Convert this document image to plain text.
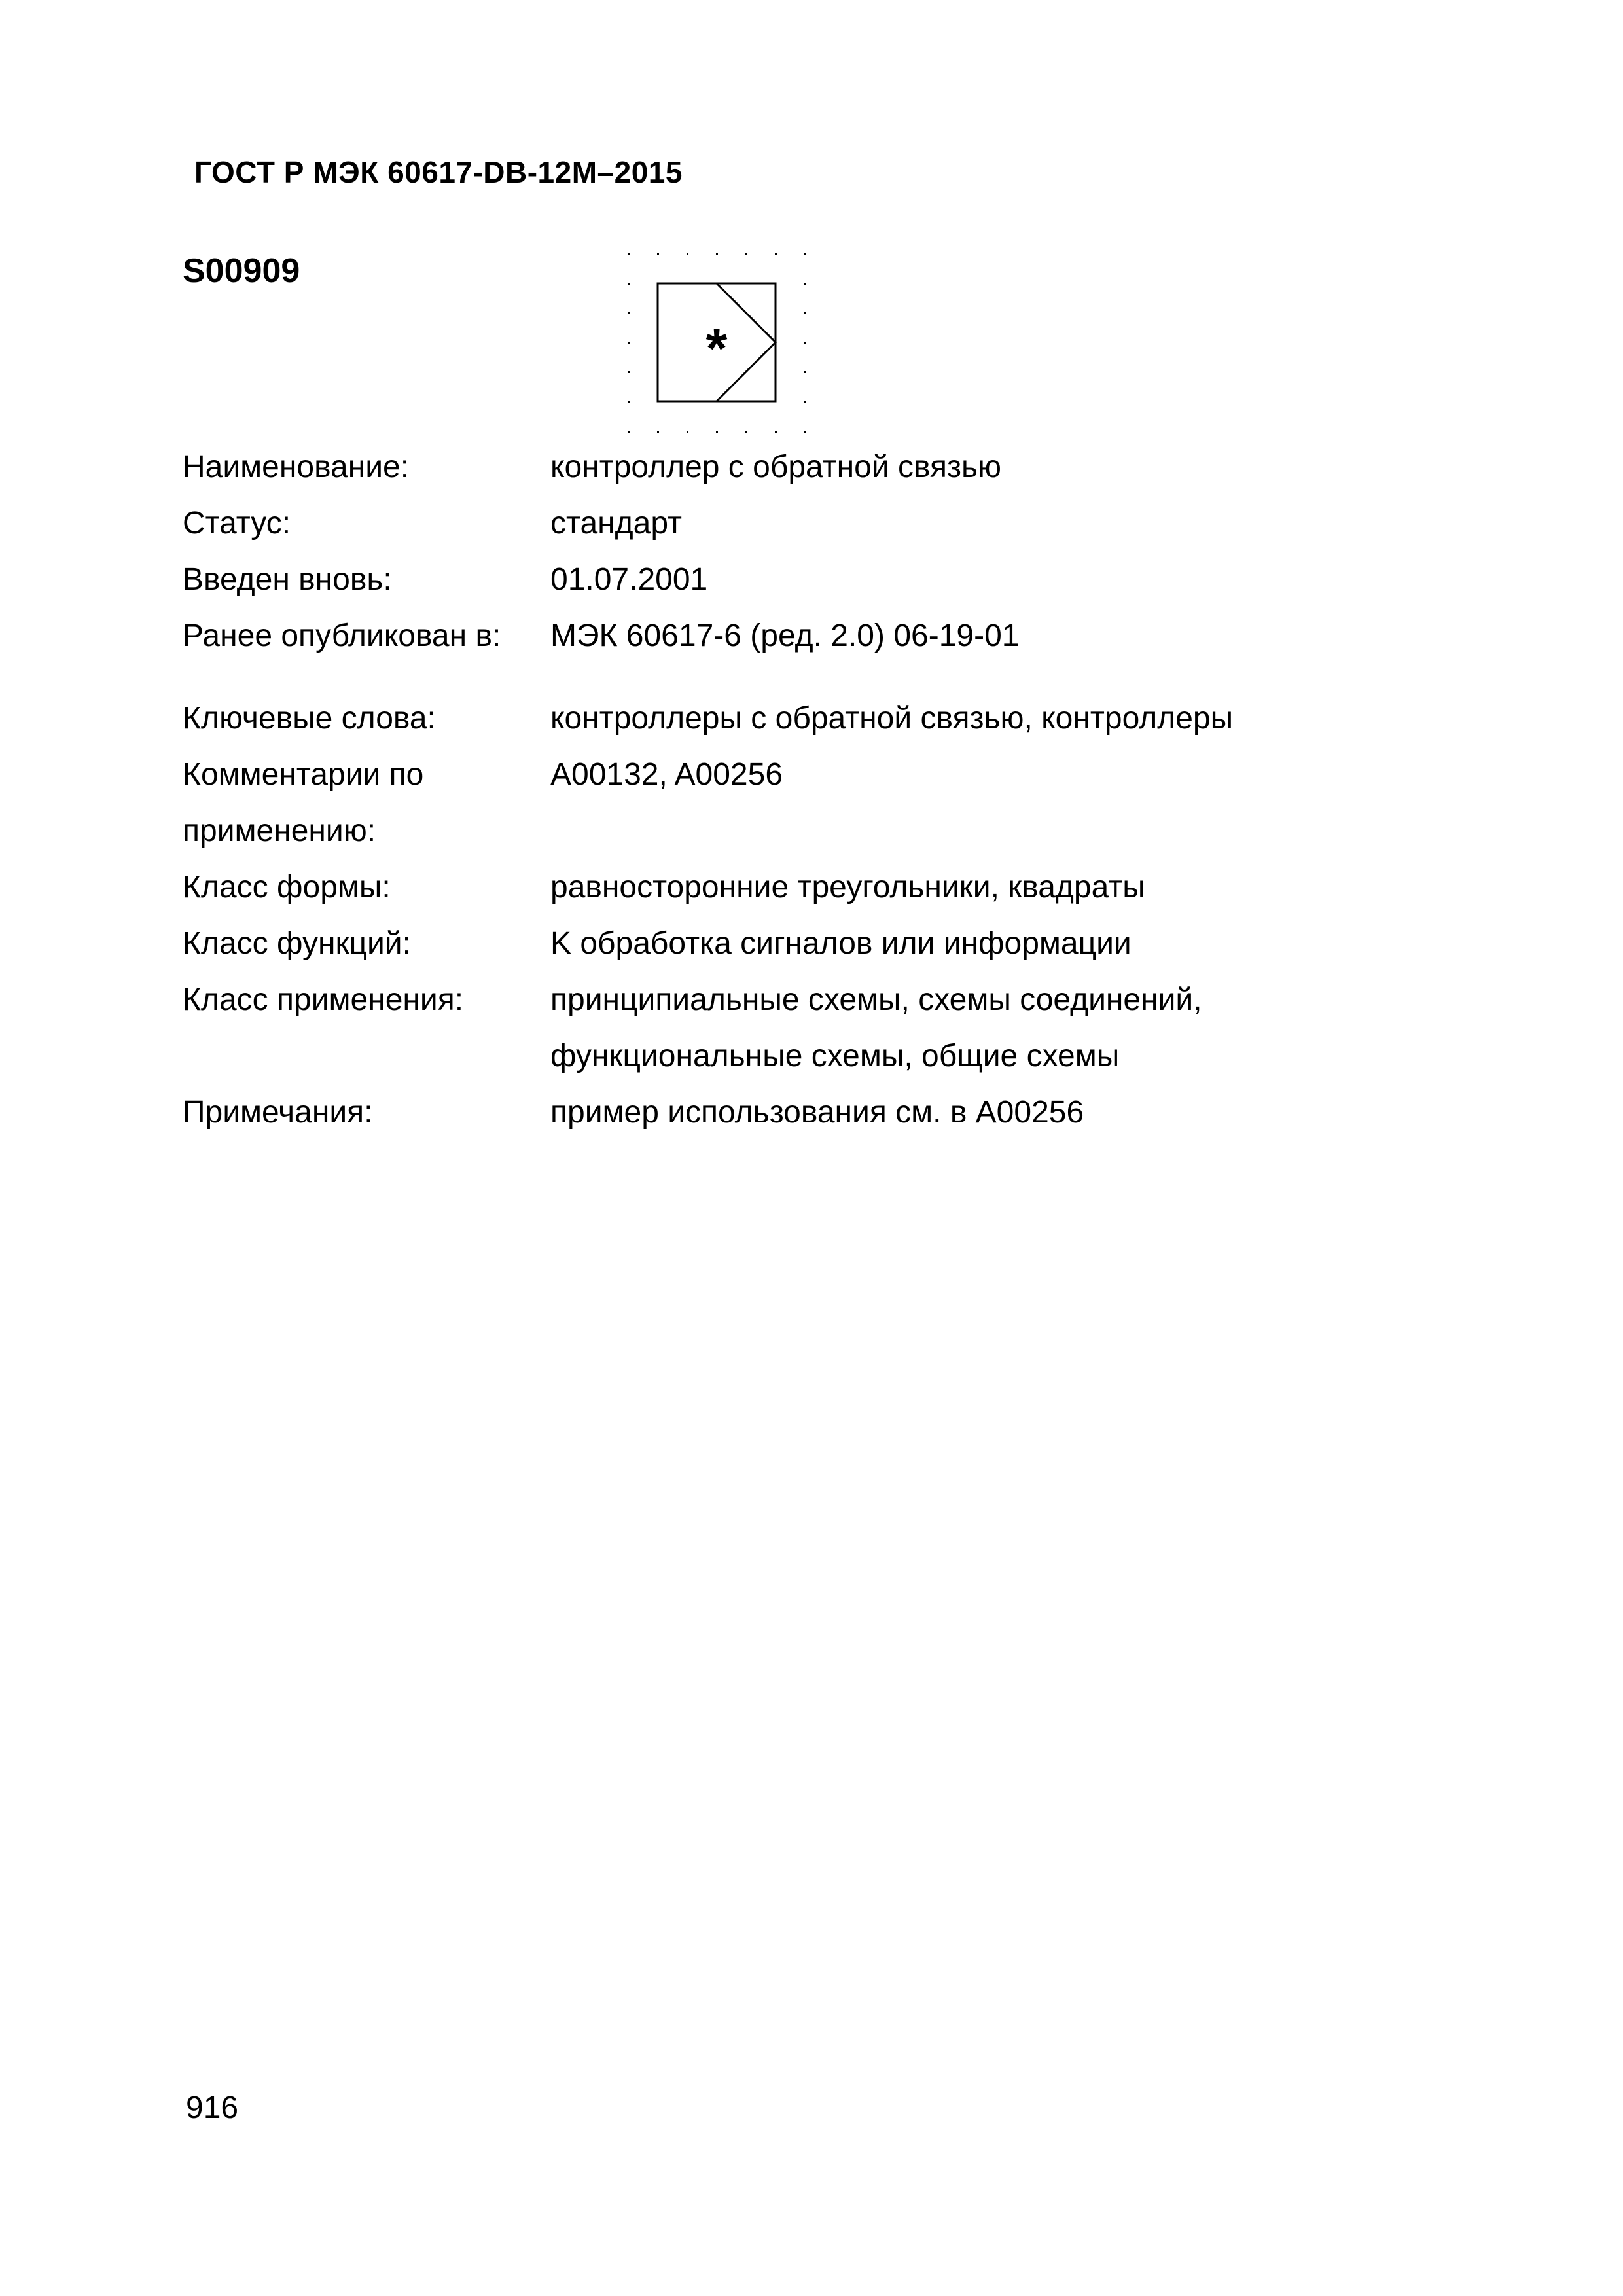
ГОСТ Р МЭК 60617-DB-12M–2015
S00909
*
Наименование:	контроллер с обратной связью
Статус:	стандарт
Введен вновь:	01.07.2001
Ранее опубликован в:	МЭК 60617-6 (ред. 2.0) 06-19-01
Ключевые слова:	контроллеры с обратной связью, контроллеры
Комментарии по	A00132, A00256
применению:
Класс формы:	равносторонние треугольники, квадраты
Класс функций:	K обработка сигналов или информации
Класс применения:	принципиальные схемы, схемы соединений,
функциональные схемы, общие схемы
Примечания:	пример использования см. в A00256
916
